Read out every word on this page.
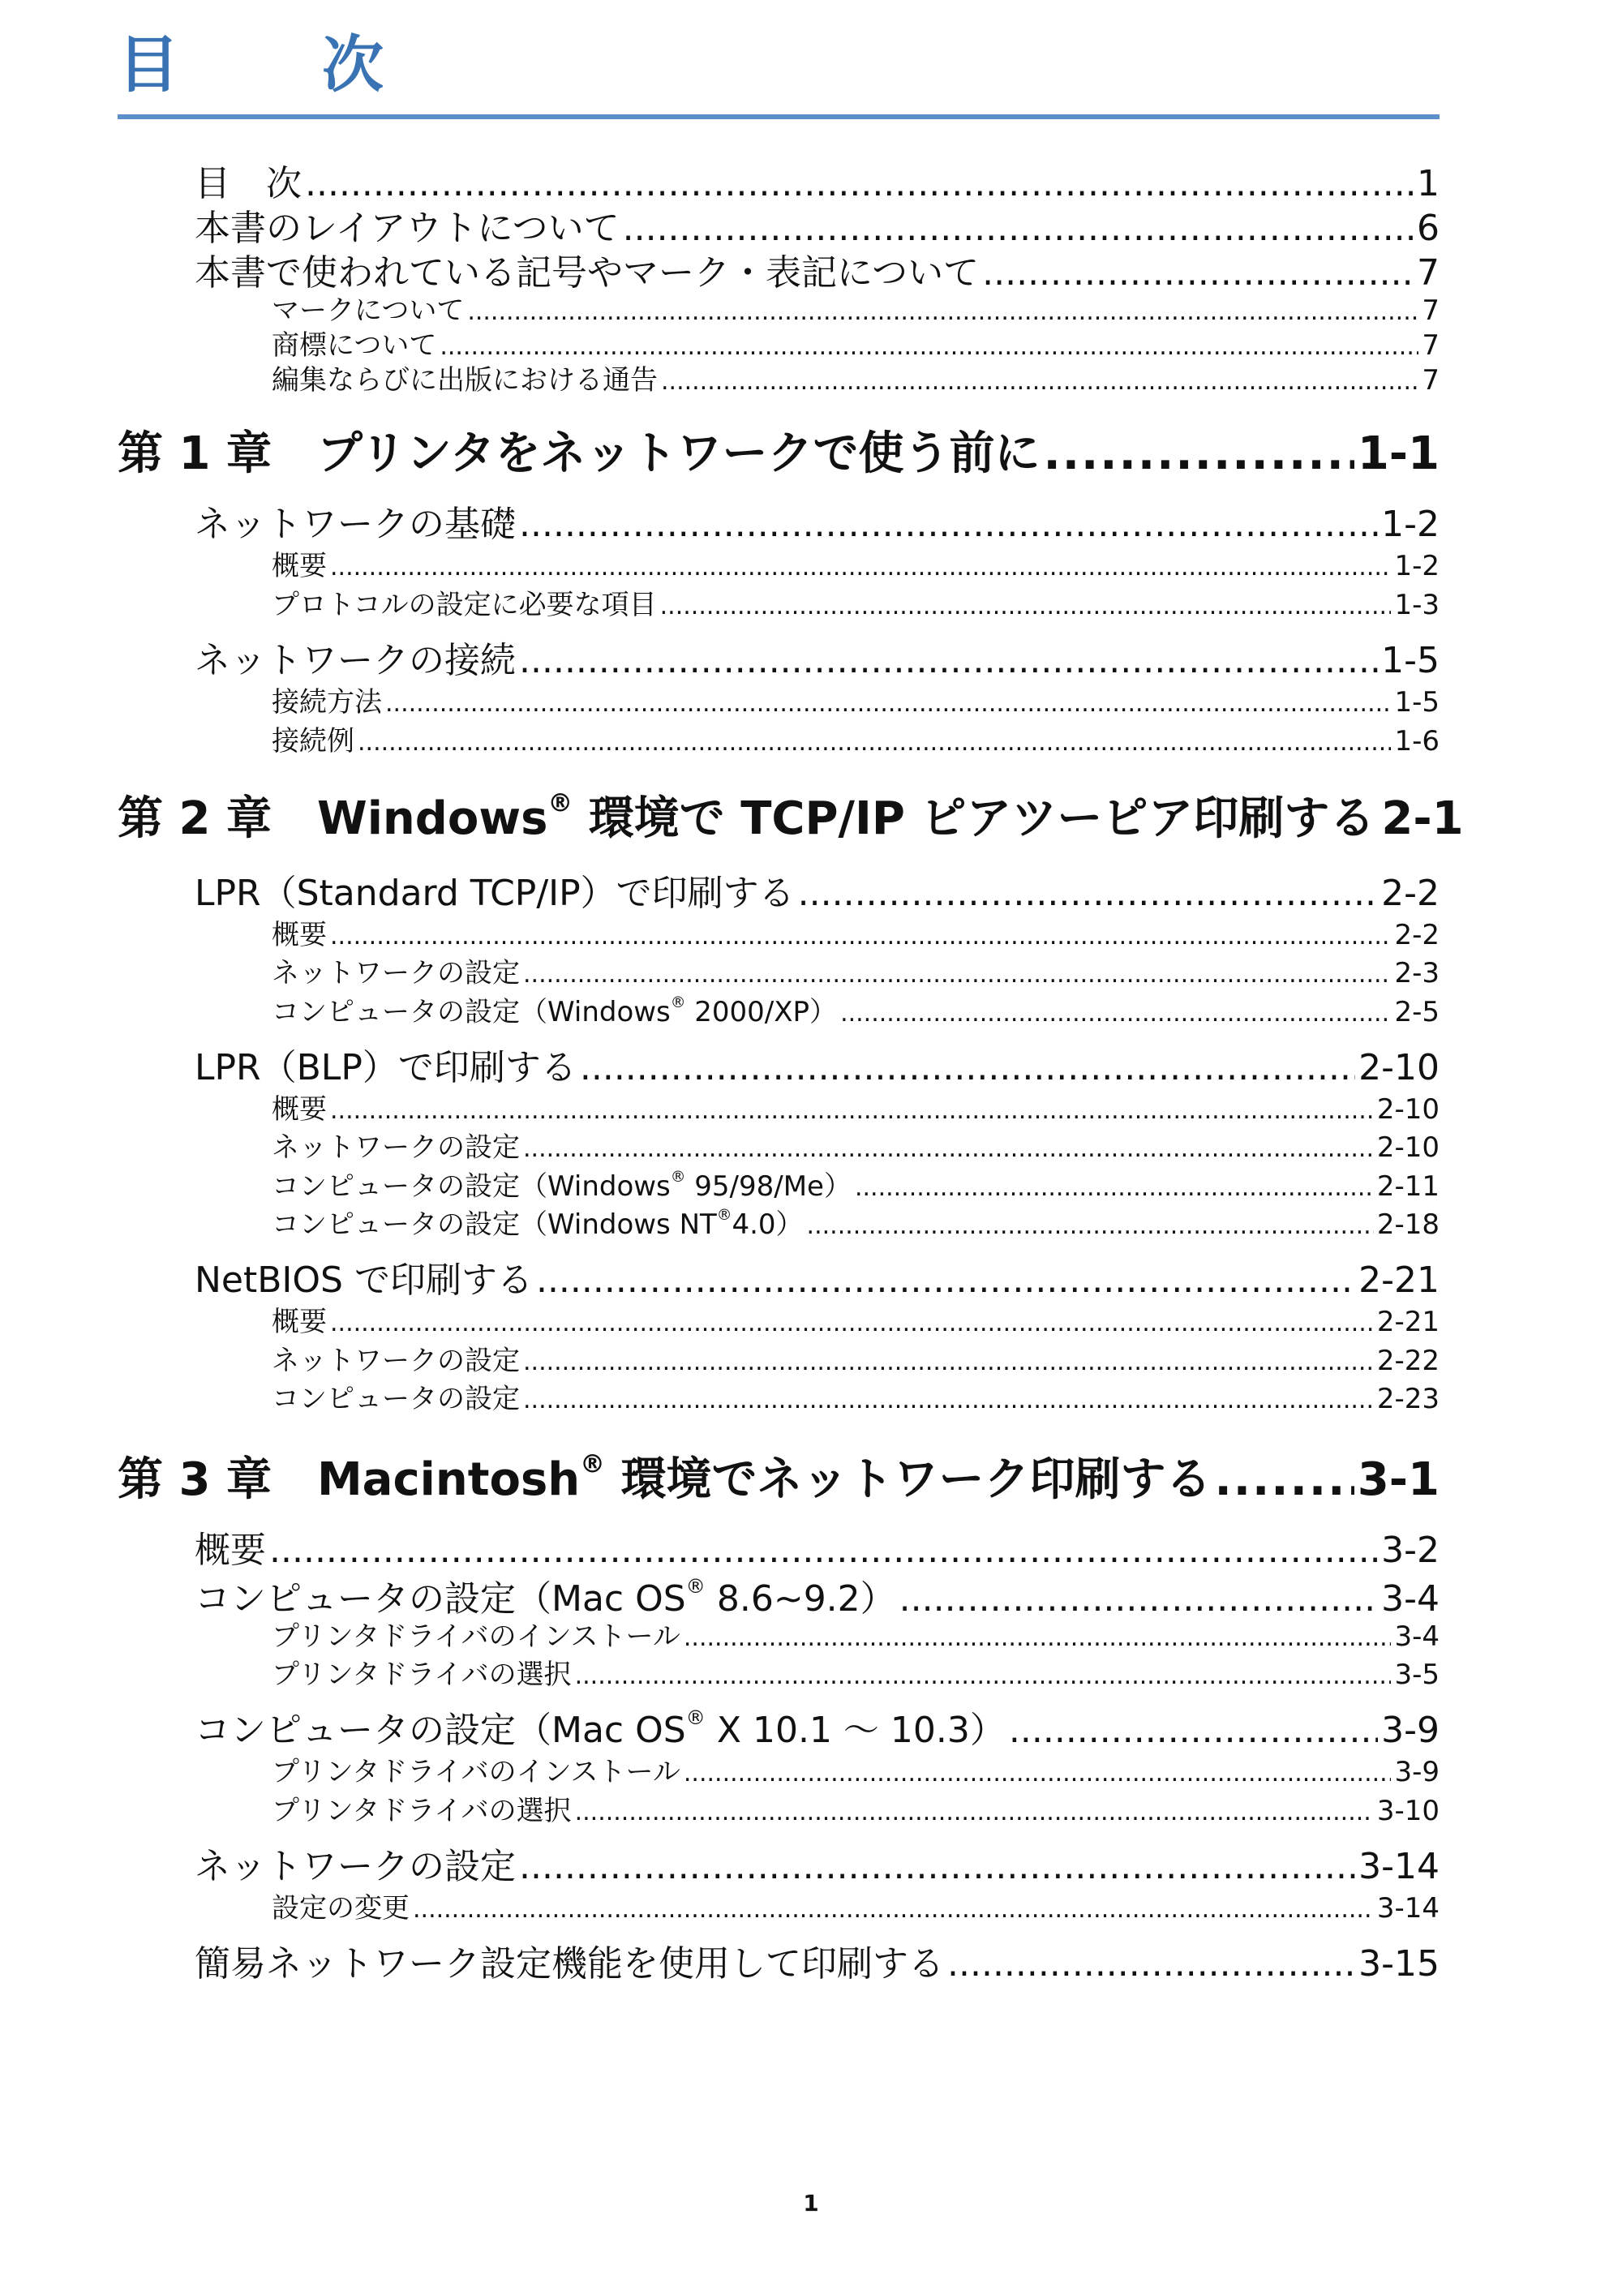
目　次
目　次 .....	1
本書のレイアウトについて .....	6
本書で使われている記号やマーク・表記について .....	7
マークについて .....	7
商標について .....	7
編集ならびに出版における通告 .....	7
第 1 章　プリンタをネットワークで使う前に .....	1-1
ネットワークの基礎 .....	1-2
概要 .....	1-2
プロトコルの設定に必要な項目 .....	1-3
ネットワークの接続 .....	1-5
接続方法 .....	1-5
接続例 .....	1-6
第 2 章　Windows® 環境で TCP/IP ピアツーピア印刷する 2-1
LPR（Standard TCP/IP）で印刷する .....	2-2
概要 .....	2-2
ネットワークの設定 .....	2-3
コンピュータの設定（Windows® 2000/XP） .....	2-5
LPR（BLP）で印刷する .....	2-10
概要 .....	2-10
ネットワークの設定 .....	2-10
コンピュータの設定（Windows® 95/98/Me） .....	2-11
コンピュータの設定（Windows NT®4.0） .....	2-18
NetBIOS で印刷する .....	2-21
概要 .....	2-21
ネットワークの設定 .....	2-22
コンピュータの設定 .....	2-23
第 3 章　Macintosh® 環境でネットワーク印刷する .....	3-1
概要 .....	3-2
コンピュータの設定（Mac OS® 8.6~9.2） .....	3-4
プリンタドライバのインストール .....	3-4
プリンタドライバの選択 .....	3-5
コンピュータの設定（Mac OS® X 10.1 ～ 10.3） .....	3-9
プリンタドライバのインストール .....	3-9
プリンタドライバの選択 .....	3-10
ネットワークの設定 .....	3-14
設定の変更 .....	3-14
簡易ネットワーク設定機能を使用して印刷する .....	3-15
1
